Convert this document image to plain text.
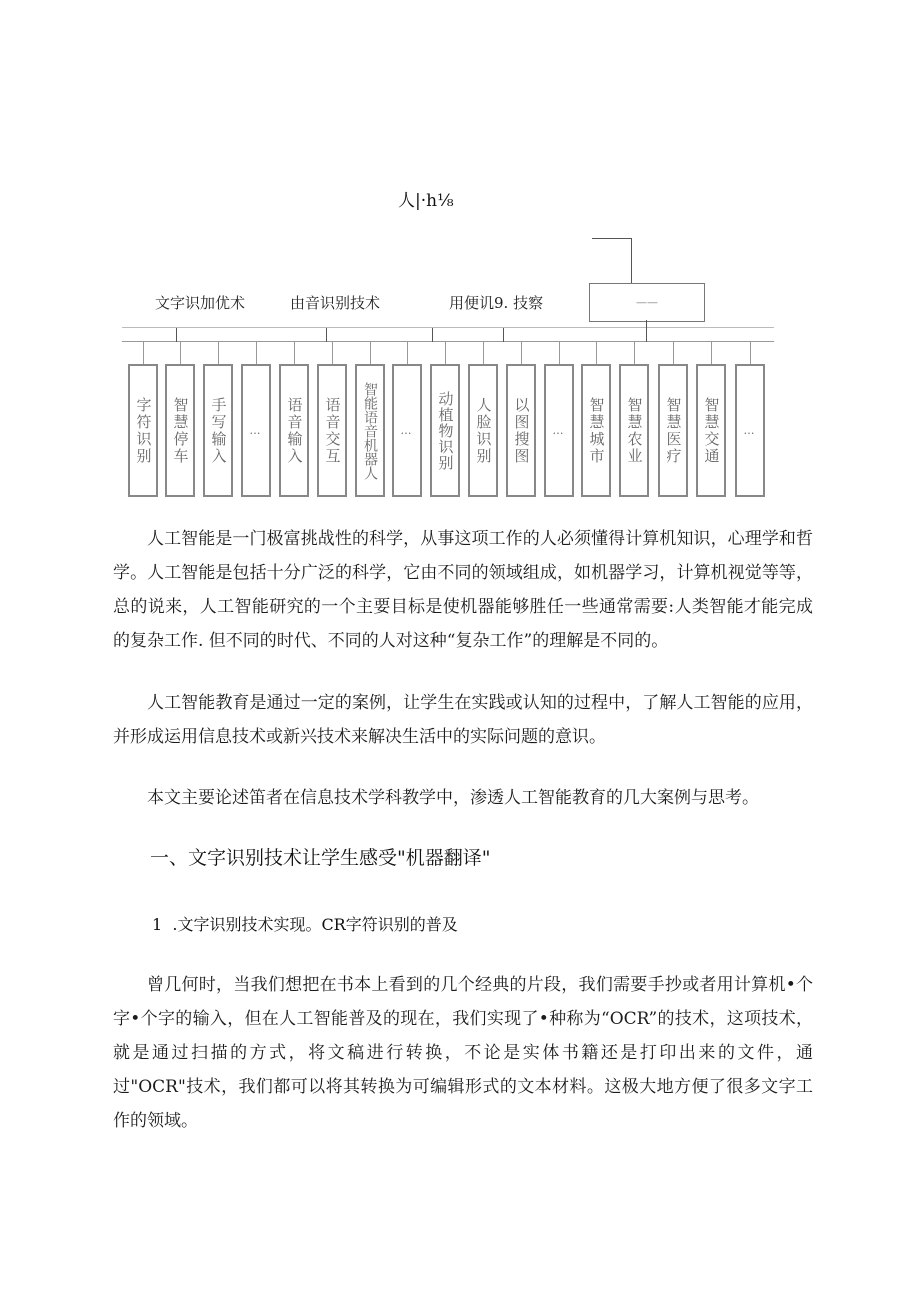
人|·h⅛
——
文字识加优术	由音识别技术	用便讥9. 技察
字符识别 智慧停车 手写输入 … 语音输入 语音交互 智能语音机器人 … 动植物识别 人脸识别 以图搜图 … 智慧城市 智慧农业 智慧医疗 智慧交通 …

人工智能是一门极富挑战性的科学，从事这项工作的人必须懂得计算机知识，心理学和哲学。人工智能是包括十分广泛的科学，它由不同的领域组成，如机器学习，计算机视觉等等，总的说来，人工智能研究的一个主要目标是使机器能够胜任一些通常需要:人类智能才能完成的复杂工作. 但不同的时代、不同的人对这种“复杂工作”的理解是不同的。

人工智能教育是通过一定的案例，让学生在实践或认知的过程中，了解人工智能的应用，并形成运用信息技术或新兴技术来解决生活中的实际问题的意识。

本文主要论述笛者在信息技术学科教学中，渗透人工智能教育的几大案例与思考。

一、文字识别技术让学生感受"机器翻译"
1  .文字识别技术实现。CR字符识别的普及

曾几何时，当我们想把在书本上看到的几个经典的片段，我们需要手抄或者用计算机•个字•个字的输入，但在人工智能普及的现在，我们实现了•种称为“OCR”的技术，这项技术，就是通过扫描的方式，将文稿进行转换，不论是实体书籍还是打印出来的文件，通过"OCR"技术，我们都可以将其转换为可编辑形式的文本材料。这极大地方便了很多文字工作的领域。
